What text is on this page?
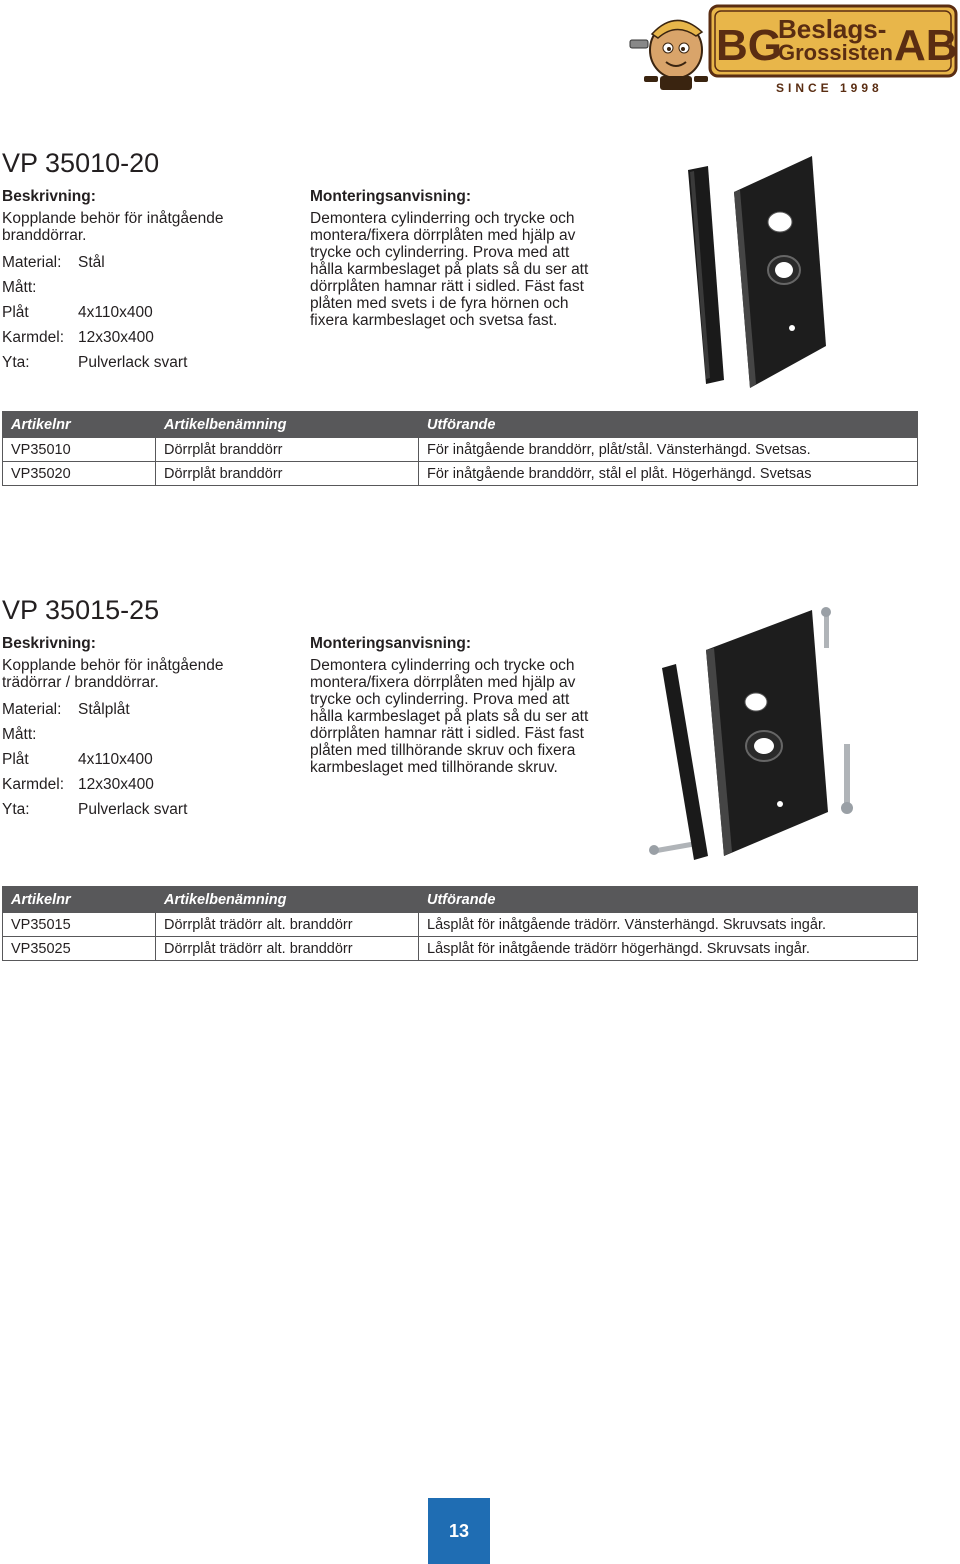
BG
Beslags-
Grossisten AB
SINCE 1998
VP 35010-20
Beskrivning:
Kopplande behör för inåtgående branddörrar.
Material:	Stål
Mått:
Plåt	4x110x400
Karmdel: 12x30x400
Yta:	Pulverlack svart
Monteringsanvisning:
Demontera cylinderring och trycke och montera/fixera dörrplåten med hjälp av trycke och cylinderring. Prova med att hålla karmbeslaget på plats så du ser att dörrplåten hamnar rätt i sidled. Fäst fast plåten med svets i de fyra hörnen och fixera karmbeslaget och svetsa fast.
Artikelnr	Artikelbenämning	Utförande
VP35010	Dörrplåt branddörr	För inåtgående branddörr, plåt/stål. Vänsterhängd. Svetsas.
VP35020	Dörrplåt branddörr	För inåtgående branddörr, stål el plåt. Högerhängd. Svetsas
VP 35015-25
Beskrivning:
Kopplande behör för inåtgående trädörrar / branddörrar.
Material:	Stålplåt
Mått:
Plåt	4x110x400
Karmdel: 12x30x400
Yta:	Pulverlack svart
Monteringsanvisning:
Demontera cylinderring och trycke och montera/fixera dörrplåten med hjälp av trycke och cylinderring. Prova med att hålla karmbeslaget på plats så du ser att dörrplåten hamnar rätt i sidled. Fäst fast plåten med tillhörande skruv och fixera karmbeslaget med tillhörande skruv.
Artikelnr	Artikelbenämning	Utförande
VP35015	Dörrplåt trädörr alt. branddörr	Låsplåt för inåtgående trädörr. Vänsterhängd. Skruvsats ingår.
VP35025	Dörrplåt trädörr alt. branddörr	Låsplåt för inåtgående trädörr högerhängd. Skruvsats ingår.
13
